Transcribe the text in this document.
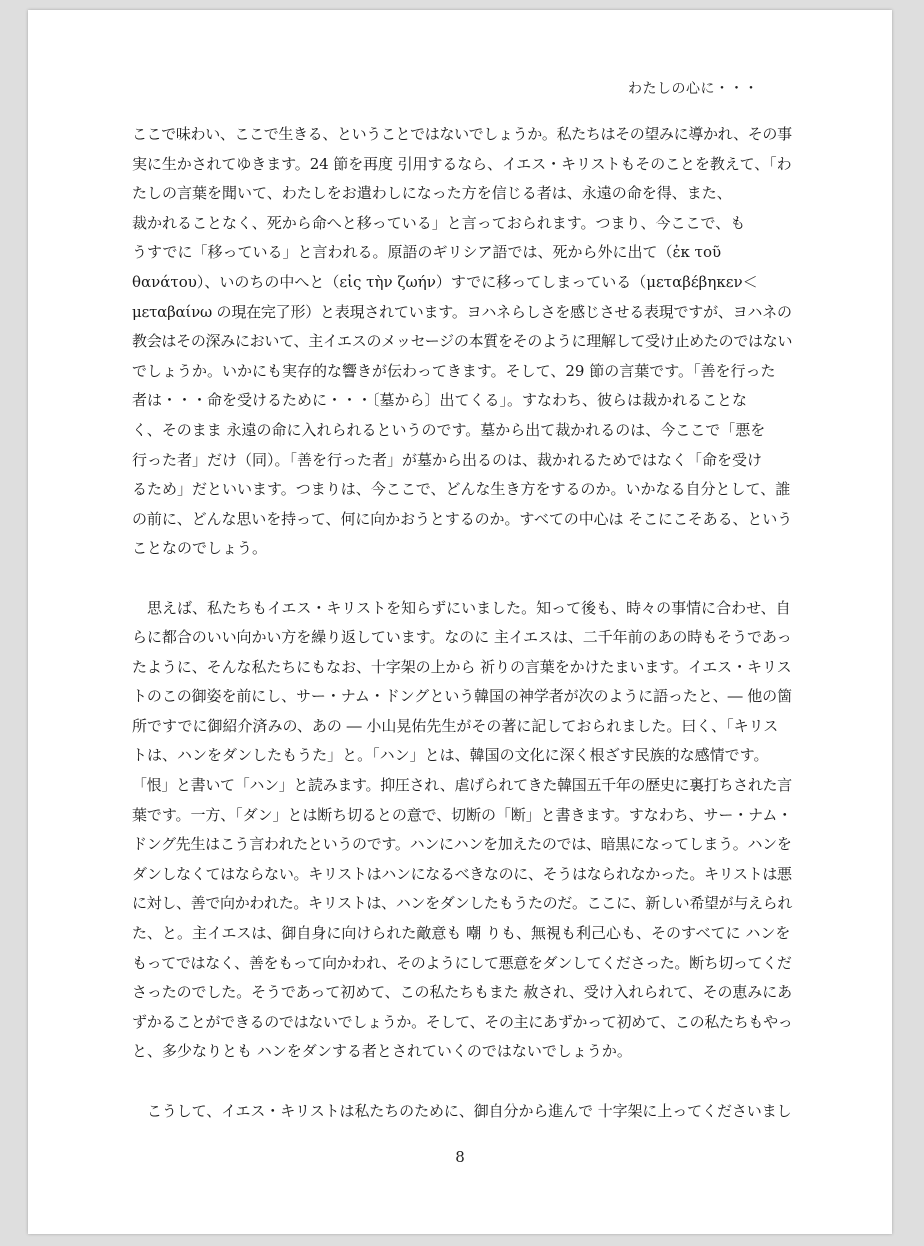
わたしの心に・・・
ここで味わい、ここで生きる、ということではないでしょうか。私たちはその望みに導かれ、その事
実に生かされてゆきます。24 節を再度 引用するなら、イエス・キリストもそのことを教えて、「わ
たしの言葉を聞いて、わたしをお遣わしになった方を信じる者は、永遠の命を得、また、
裁かれることなく、死から命へと移っている」と言っておられます。つまり、今ここで、も
うすでに「移っている」と言われる。原語のギリシア語では、死から外に出て（ἐκ τοῦ
θανάτου）、いのちの中へと（εἰς τὴν ζωήν）すでに移ってしまっている（μεταβέβηκεν＜
μεταβαίνω の現在完了形）と表現されています。ヨハネらしさを感じさせる表現ですが、ヨハネの
教会はその深みにおいて、主イエスのメッセージの本質をそのように理解して受け止めたのではない
でしょうか。いかにも実存的な響きが伝わってきます。そして、29 節の言葉です。「善を行った
者は・・・命を受けるために・・・〔墓から〕出てくる」。すなわち、彼らは裁かれることな
く、そのまま 永遠の命に入れられるというのです。墓から出て裁かれるのは、今ここで「悪を
行った者」だけ（同）。「善を行った者」が墓から出るのは、裁かれるためではなく「命を受け
るため」だといいます。つまりは、今ここで、どんな生き方をするのか。いかなる自分として、誰
の前に、どんな思いを持って、何に向かおうとするのか。すべての中心は そこにこそある、という
ことなのでしょう。
　思えば、私たちもイエス・キリストを知らずにいました。知って後も、時々の事情に合わせ、自
らに都合のいい向かい方を繰り返しています。なのに 主イエスは、二千年前のあの時もそうであっ
たように、そんな私たちにもなお、十字架の上から 祈りの言葉をかけたまいます。イエス・キリス
トのこの御姿を前にし、サー・ナム・ドングという韓国の神学者が次のように語ったと、― 他の箇
所ですでに御紹介済みの、あの ― 小山晃佑先生がその著に記しておられました。曰く、「キリス
トは、ハンをダンしたもうた」と。「ハン」とは、韓国の文化に深く根ざす民族的な感情です。
「恨」と書いて「ハン」と読みます。抑圧され、虐げられてきた韓国五千年の歴史に裏打ちされた言
葉です。一方、「ダン」とは断ち切るとの意で、切断の「断」と書きます。すなわち、サー・ナム・
ドング先生はこう言われたというのです。ハンにハンを加えたのでは、暗黒になってしまう。ハンを
ダンしなくてはならない。キリストはハンになるべきなのに、そうはなられなかった。キリストは悪
に対し、善で向かわれた。キリストは、ハンをダンしたもうたのだ。ここに、新しい希望が与えられ
た、と。主イエスは、御自身に向けられた敵意も 嘲 りも、無視も利己心も、そのすべてに ハンを
もってではなく、善をもって向かわれ、そのようにして悪意をダンしてくださった。断ち切ってくだ
さったのでした。そうであって初めて、この私たちもまた 赦され、受け入れられて、その恵みにあ
ずかることができるのではないでしょうか。そして、その主にあずかって初めて、この私たちもやっ
と、多少なりとも ハンをダンする者とされていくのではないでしょうか。
　こうして、イエス・キリストは私たちのために、御自分から進んで 十字架に上ってくださいまし
8
